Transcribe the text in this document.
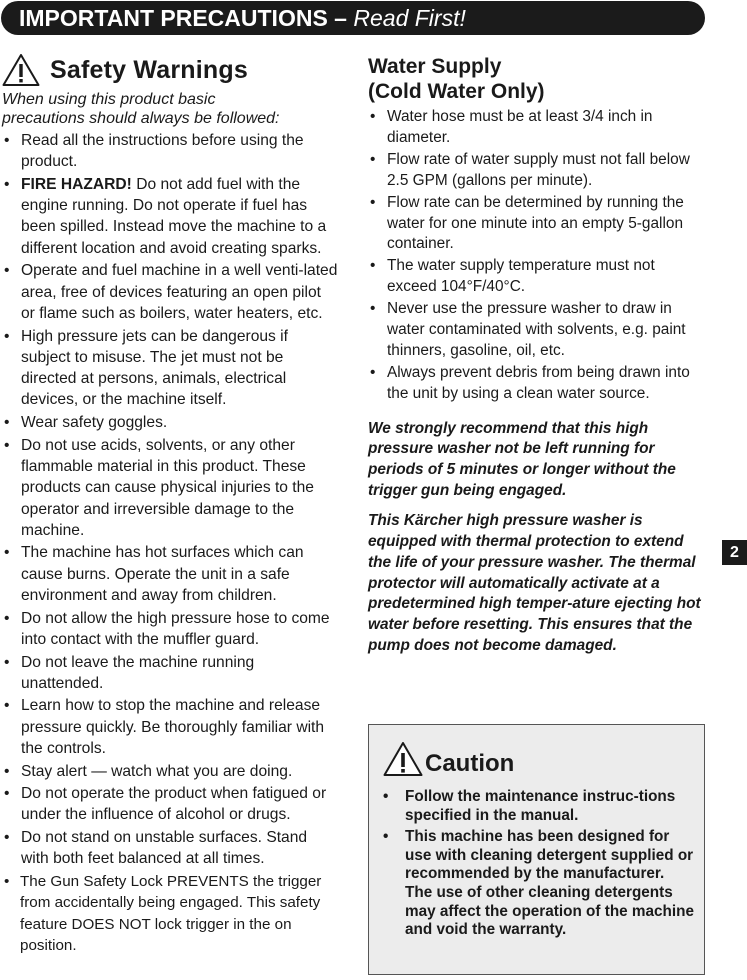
IMPORTANT PRECAUTIONS – Read First!
Safety Warnings
When using this product basic
precautions should always be followed:
• Read all the instructions before using the product.
• FIRE HAZARD! Do not add fuel with the engine running. Do not operate if fuel has been spilled. Instead move the machine to a different location and avoid creating sparks.
• Operate and fuel machine in a well venti-lated area, free of devices featuring an open pilot or flame such as boilers, water heaters, etc.
• High pressure jets can be dangerous if subject to misuse. The jet must not be directed at persons, animals, electrical devices, or the machine itself.
• Wear safety goggles.
• Do not use acids, solvents, or any other flammable material in this product. These products can cause physical injuries to the operator and irreversible damage to the machine.
• The machine has hot surfaces which can cause burns. Operate the unit in a safe environment and away from children.
• Do not allow the high pressure hose to come into contact with the muffler guard.
• Do not leave the machine running unattended.
• Learn how to stop the machine and release pressure quickly. Be thoroughly familiar with the controls.
• Stay alert — watch what you are doing.
• Do not operate the product when fatigued or under the influence of alcohol or drugs.
• Do not stand on unstable surfaces. Stand with both feet balanced at all times.
• The Gun Safety Lock PREVENTS the trigger from accidentally being engaged. This safety feature DOES NOT lock trigger in the on position.
Water Supply
(Cold Water Only)
• Water hose must be at least 3/4 inch in diameter.
• Flow rate of water supply must not fall below 2.5 GPM (gallons per minute).
• Flow rate can be determined by running the water for one minute into an empty 5-gallon container.
• The water supply temperature must not exceed 104°F/40°C.
• Never use the pressure washer to draw in water contaminated with solvents, e.g. paint thinners, gasoline, oil, etc.
• Always prevent debris from being drawn into the unit by using a clean water source.

We strongly recommend that this high pressure washer not be left running for periods of 5 minutes or longer without the trigger gun being engaged.

This Kärcher high pressure washer is equipped with thermal protection to extend the life of your pressure washer. The thermal protector will automatically activate at a predetermined high temper-ature ejecting hot water before resetting. This ensures that the pump does not become damaged.

Caution
• Follow the maintenance instruc-tions specified in the manual.
• This machine has been designed for use with cleaning detergent supplied or recommended by the manufacturer. The use of other cleaning detergents may affect the operation of the machine and void the warranty.
2
